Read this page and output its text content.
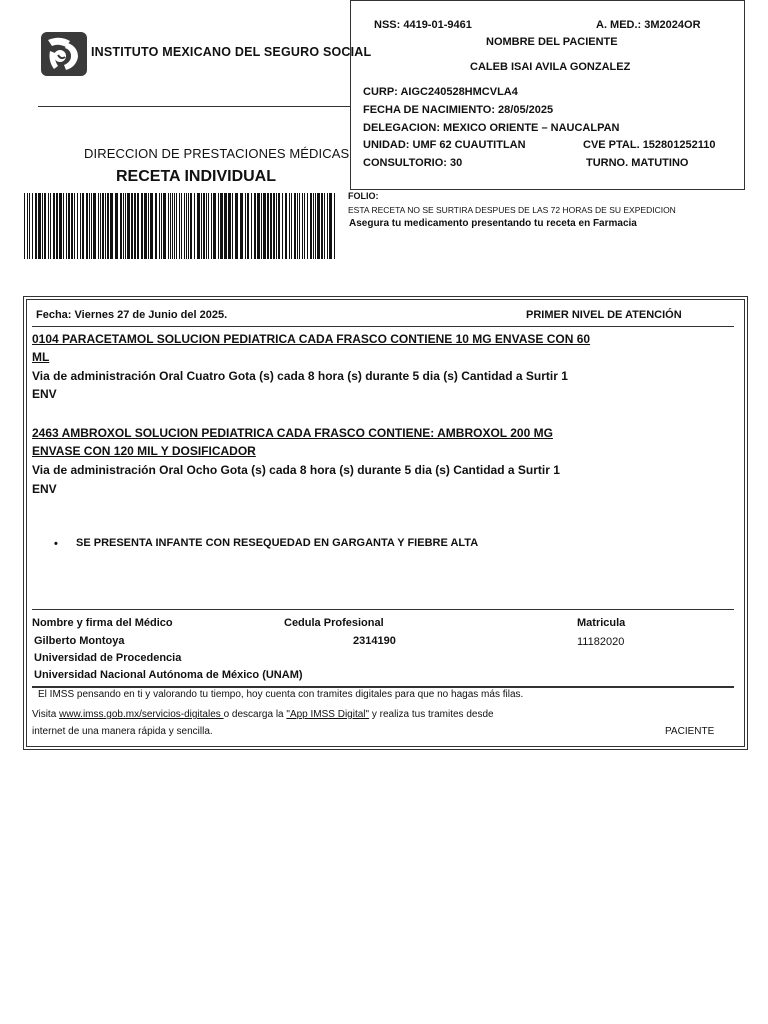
INSTITUTO MEXICANO DEL SEGURO SOCIAL
NSS: 4419-01-9461	A. MED.: 3M2024OR
NOMBRE DEL PACIENTE
CALEB ISAI AVILA GONZALEZ
CURP: AIGC240528HMCVLA4
FECHA DE NACIMIENTO: 28/05/2025
DELEGACION: MEXICO ORIENTE – NAUCALPAN
UNIDAD: UMF 62 CUAUTITLAN	CVE PTAL. 152801252110
CONSULTORIO: 30	TURNO. MATUTINO
DIRECCION DE PRESTACIONES MÉDICAS
RECETA INDIVIDUAL
FOLIO:
ESTA RECETA NO SE SURTIRA DESPUES DE LAS 72 HORAS DE SU EXPEDICION
Asegura tu medicamento presentando tu receta en Farmacia
Fecha: Viernes 27 de Junio del 2025.	PRIMER NIVEL DE ATENCIÓN
0104 PARACETAMOL SOLUCION PEDIATRICA CADA FRASCO CONTIENE 10 MG ENVASE CON 60
ML
Via de administración Oral Cuatro Gota (s) cada 8 hora (s) durante 5 dia (s) Cantidad a Surtir 1
ENV
2463 AMBROXOL SOLUCION PEDIATRICA CADA FRASCO CONTIENE: AMBROXOL 200 MG
ENVASE CON 120 MIL Y DOSIFICADOR
Via de administración Oral Ocho Gota (s) cada 8 hora (s) durante 5 dia (s) Cantidad a Surtir 1
ENV
• SE PRESENTA INFANTE CON RESEQUEDAD EN GARGANTA Y FIEBRE ALTA
Nombre y firma del Médico	Cedula Profesional	Matricula
Gilberto Montoya	2314190	11182020
Universidad de Procedencia
Universidad Nacional Autónoma de México (UNAM)
El IMSS pensando en ti y valorando tu tiempo, hoy cuenta con tramites digitales para que no hagas más filas.
Visita www.imss.gob.mx/servicios-digitales o descarga la "App IMSS Digital" y realiza tus tramites desde
internet de una manera rápida y sencilla.	PACIENTE
